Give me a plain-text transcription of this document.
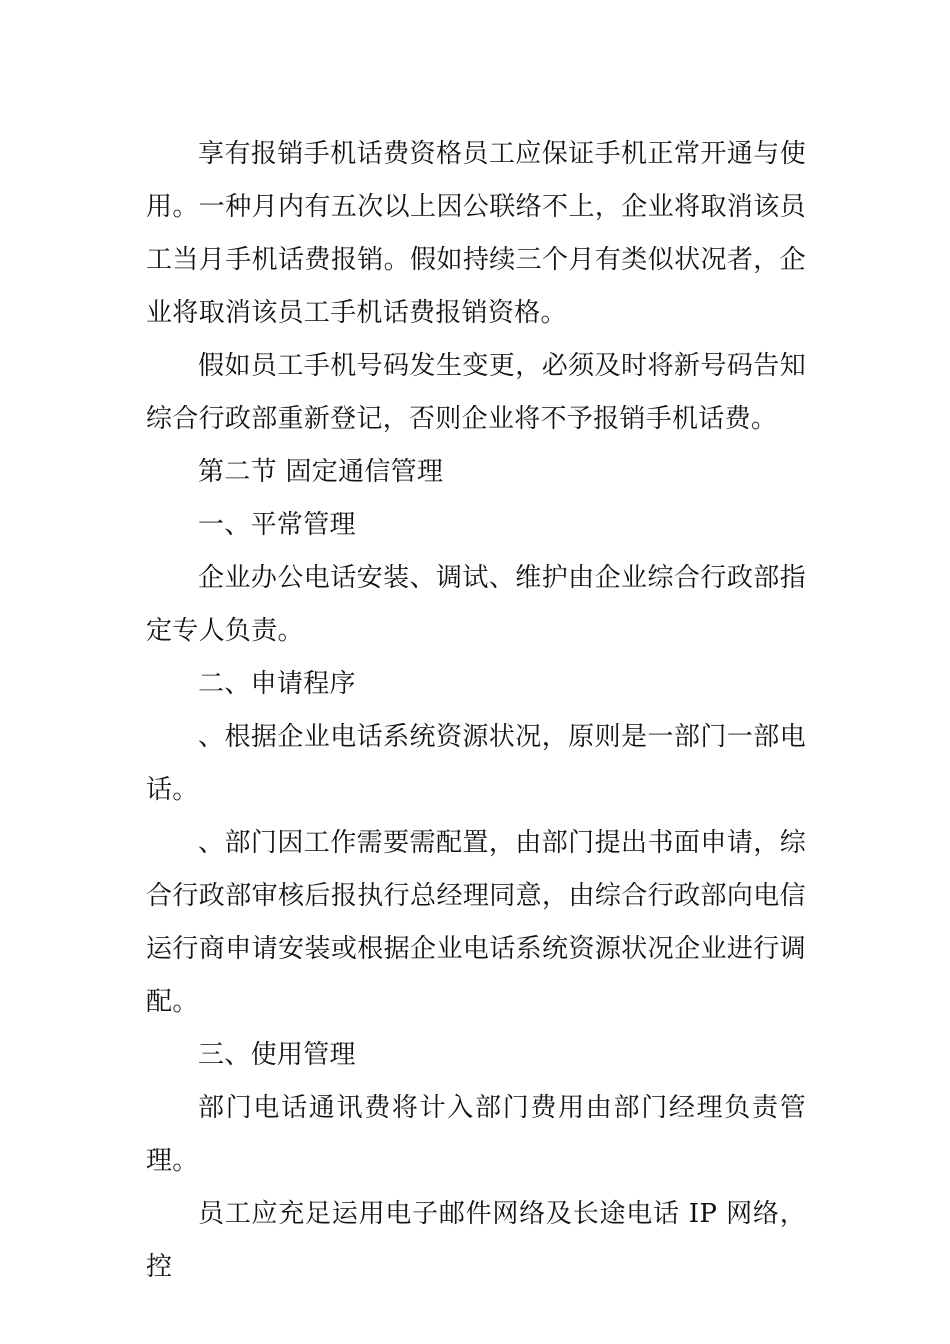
享有报销手机话费资格员工应保证手机正常开通与使用。一种月内有五次以上因公联络不上，企业将取消该员工当月手机话费报销。假如持续三个月有类似状况者，企业将取消该员工手机话费报销资格。

假如员工手机号码发生变更，必须及时将新号码告知综合行政部重新登记，否则企业将不予报销手机话费。

第二节 固定通信管理

一、平常管理

企业办公电话安装、调试、维护由企业综合行政部指定专人负责。

二、申请程序

、根据企业电话系统资源状况，原则是一部门一部电话。

、部门因工作需要需配置，由部门提出书面申请，综合行政部审核后报执行总经理同意，由综合行政部向电信运行商申请安装或根据企业电话系统资源状况企业进行调配。

三、使用管理

部门电话通讯费将计入部门费用由部门经理负责管理。

员工应充足运用电子邮件网络及长途电话 IP 网络，控
